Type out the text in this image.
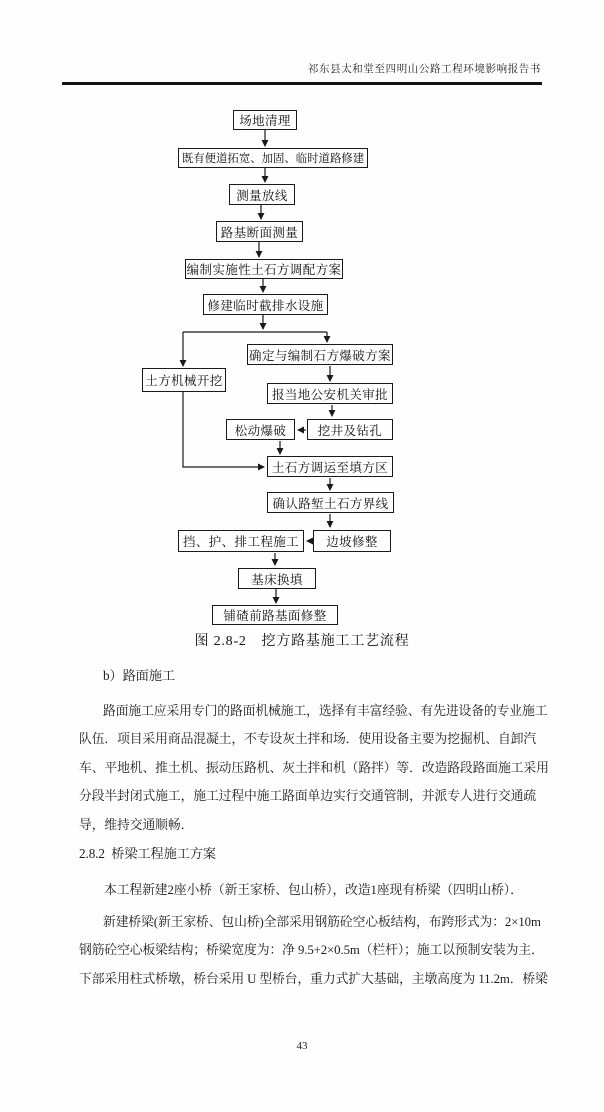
祁东县太和堂至四明山公路工程环境影响报告书
场地清理
既有便道拓宽、加固、临时道路修建
测量放线
路基断面测量
编制实施性土石方调配方案
修建临时截排水设施
确定与编制石方爆破方案
土方机械开挖
报当地公安机关审批
松动爆破	挖井及钻孔
土石方调运至填方区
确认路堑土石方界线
挡、护、排工程施工	边坡修整
基床换填
铺碴前路基面修整
图 2.8-2　挖方路基施工工艺流程
b）路面施工
路面施工应采用专门的路面机械施工，选择有丰富经验、有先进设备的专业施工
队伍．项目采用商品混凝土，不专设灰土拌和场．使用设备主要为挖掘机、自卸汽
车、平地机、推土机、振动压路机、灰土拌和机（路拌）等．改造路段路面施工采用
分段半封闭式施工，施工过程中施工路面单边实行交通管制，并派专人进行交通疏
导，维持交通顺畅．
2.8.2  桥梁工程施工方案
本工程新建2座小桥（新王家桥、包山桥），改造1座现有桥梁（四明山桥）．
新建桥梁(新王家桥、包山桥)全部采用钢筋砼空心板结构，布跨形式为：2×10m
钢筋砼空心板梁结构；桥梁宽度为：净 9.5+2×0.5m（栏杆）；施工以预制安装为主．
下部采用柱式桥墩，桥台采用 U 型桥台，重力式扩大基础，主墩高度为 11.2m．桥梁
43
